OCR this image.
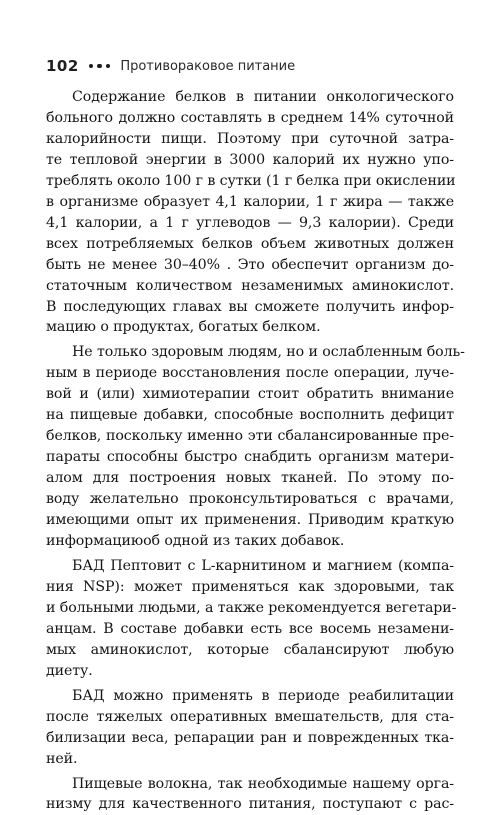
102	Противораковое питание

Содержание белков в питании онкологического
больного должно составлять в среднем 14% суточной
калорийности пищи. Поэтому при суточной затра-
те тепловой энергии в 3000 калорий их нужно упо-
треблять около 100 г в сутки (1 г белка при окислении
в организме образует 4,1 калории, 1 г жира — также
4,1 калории, а 1 г углеводов — 9,3 калории). Среди
всех потребляемых белков объем животных должен
быть не менее 30–40% . Это обеспечит организм до-
статочным количеством незаменимых аминокислот.
В последующих главах вы сможете получить инфор-
мацию о продуктах, богатых белком.

Не только здоровым людям, но и ослабленным боль-
ным в периоде восстановления после операции, луче-
вой и (или) химиотерапии стоит обратить внимание
на пищевые добавки, способные восполнить дефицит
белков, поскольку именно эти сбалансированные пре-
параты способны быстро снабдить организм матери-
алом для построения новых тканей. По этому по-
воду желательно проконсультироваться с врачами,
имеющими опыт их применения. Приводим краткую
информациюоб одной из таких добавок.

БАД Пептовит с L-карнитином и магнием (компа-
ния NSP): может применяться как здоровыми, так
и больными людьми, а также рекомендуется вегетари-
анцам. В составе добавки есть все восемь незамени-
мых аминокислот, которые сбалансируют любую
диету.

БАД можно применять в периоде реабилитации
после тяжелых оперативных вмешательств, для ста-
билизации веса, репарации ран и поврежденных тка-
ней.

Пищевые волокна, так необходимые нашему орга-
низму для качественного питания, поступают с рас-
